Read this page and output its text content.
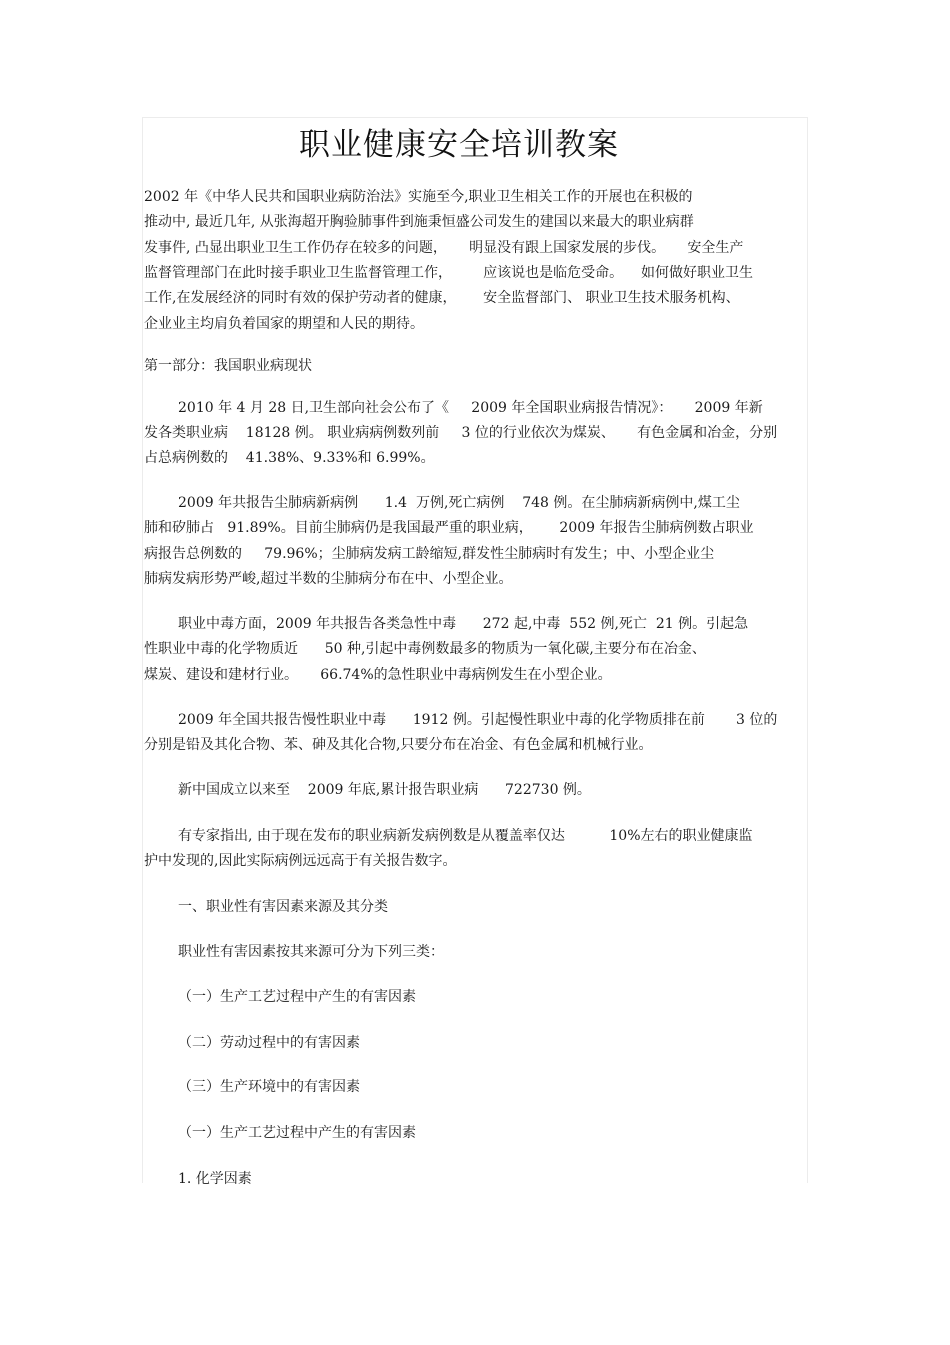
职业健康安全培训教案
2002 年《中华人民共和国职业病防治法》实施至今,职业卫生相关工作的开展也在积极的
推动中, 最近几年, 从张海超开胸验肺事件到施秉恒盛公司发生的建国以来最大的职业病群
发事件, 凸显出职业卫生工作仍存在较多的问题，     明显没有跟上国家发展的步伐。     安全生产
监督管理部门在此时接手职业卫生监督管理工作，       应该说也是临危受命。    如何做好职业卫生
工作,在发展经济的同时有效的保护劳动者的健康，      安全监督部门、 职业卫生技术服务机构、
企业业主均肩负着国家的期望和人民的期待。
第一部分：我国职业病现状
2010 年 4 月 28 日,卫生部向社会公布了《     2009 年全国职业病报告情况》：     2009 年新
发各类职业病    18128 例。 职业病病例数列前     3 位的行业依次为煤炭、     有色金属和冶金，分别
占总病例数的    41.38%、9.33%和 6.99%。
2009 年共报告尘肺病新病例      1.4  万例,死亡病例    748 例。在尘肺病新病例中,煤工尘
肺和矽肺占   91.89%。目前尘肺病仍是我国最严重的职业病，      2009 年报告尘肺病例数占职业
病报告总例数的     79.96%；尘肺病发病工龄缩短,群发性尘肺病时有发生；中、小型企业尘
肺病发病形势严峻,超过半数的尘肺病分布在中、小型企业。
职业中毒方面，2009 年共报告各类急性中毒      272 起,中毒  552 例,死亡  21 例。引起急
性职业中毒的化学物质近      50 种,引起中毒例数最多的物质为一氧化碳,主要分布在冶金、
煤炭、建设和建材行业。     66.74%的急性职业中毒病例发生在小型企业。
2009 年全国共报告慢性职业中毒      1912 例。引起慢性职业中毒的化学物质排在前       3 位的
分别是铅及其化合物、苯、砷及其化合物,只要分布在冶金、有色金属和机械行业。
新中国成立以来至    2009 年底,累计报告职业病      722730 例。
有专家指出, 由于现在发布的职业病新发病例数是从覆盖率仅达          10%左右的职业健康监
护中发现的,因此实际病例远远高于有关报告数字。
一、职业性有害因素来源及其分类
职业性有害因素按其来源可分为下列三类：
（一）生产工艺过程中产生的有害因素
（二）劳动过程中的有害因素
（三）生产环境中的有害因素
（一）生产工艺过程中产生的有害因素
1. 化学因素
